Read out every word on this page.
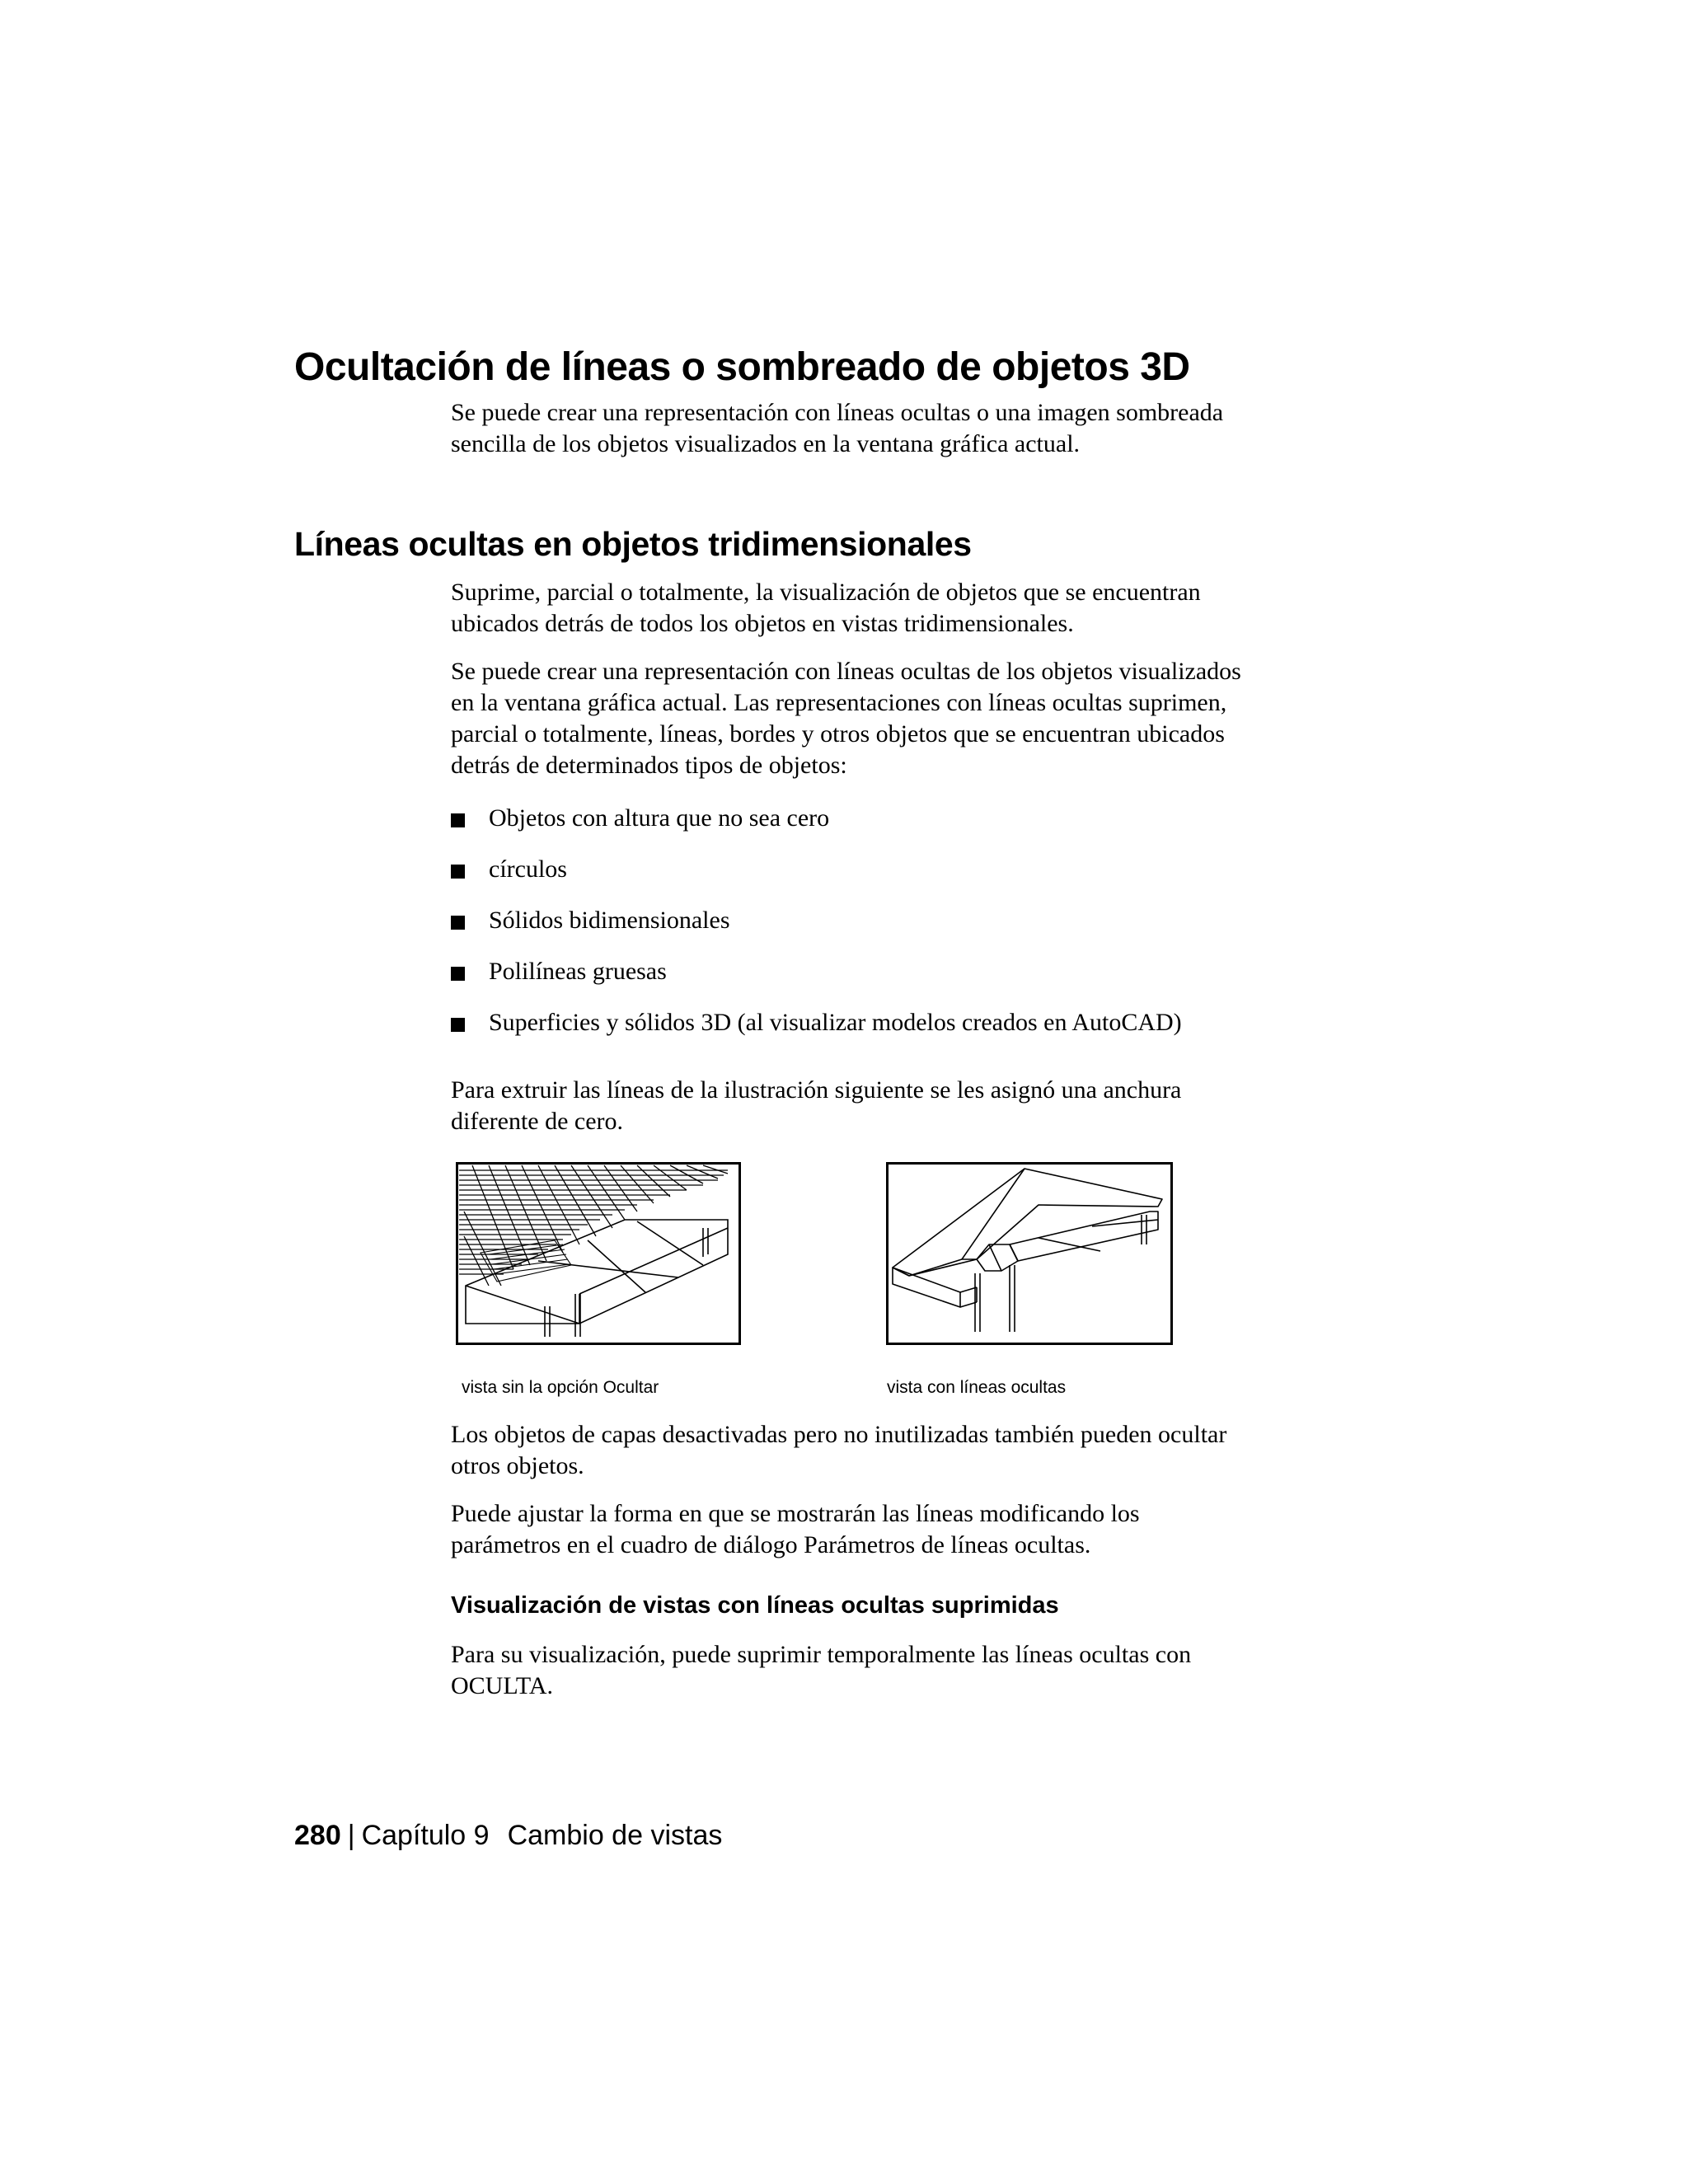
Ocultación de líneas o sombreado de objetos 3D

Se puede crear una representación con líneas ocultas o una imagen sombreada
sencilla de los objetos visualizados en la ventana gráfica actual.

Líneas ocultas en objetos tridimensionales

Suprime, parcial o totalmente, la visualización de objetos que se encuentran
ubicados detrás de todos los objetos en vistas tridimensionales.

Se puede crear una representación con líneas ocultas de los objetos visualizados
en la ventana gráfica actual. Las representaciones con líneas ocultas suprimen,
parcial o totalmente, líneas, bordes y otros objetos que se encuentran ubicados
detrás de determinados tipos de objetos:

Objetos con altura que no sea cero
círculos
Sólidos bidimensionales
Polilíneas gruesas
Superficies y sólidos 3D (al visualizar modelos creados en AutoCAD)

Para extruir las líneas de la ilustración siguiente se les asignó una anchura
diferente de cero.

vista sin la opción Ocultar	vista con líneas ocultas

Los objetos de capas desactivadas pero no inutilizadas también pueden ocultar
otros objetos.

Puede ajustar la forma en que se mostrarán las líneas modificando los
parámetros en el cuadro de diálogo Parámetros de líneas ocultas.

Visualización de vistas con líneas ocultas suprimidas

Para su visualización, puede suprimir temporalmente las líneas ocultas con
OCULTA.

280 | Capítulo 9 Cambio de vistas
